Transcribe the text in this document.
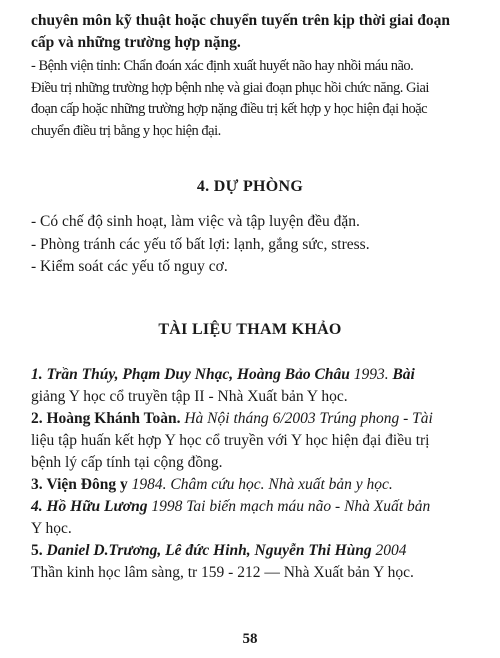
chuyên môn kỹ thuật hoặc chuyển tuyến trên kịp thời giai đoạn

cấp và những trường hợp nặng.

- Bệnh viện tỉnh: Chẩn đoán xác định xuất huyết não hay nhồi máu não.

Điều trị những trường hợp bệnh nhẹ và giai đoạn phục hồi chức năng. Giai

đoạn cấp hoặc những trường hợp nặng điều trị kết hợp y học hiện đại hoặc

chuyển điều trị bằng y học hiện đại.

4. DỰ PHÒNG

- Có chế độ sinh hoạt, làm việc và tập luyện đều đặn.

- Phòng tránh các yếu tố bất lợi: lạnh, gắng sức, stress.

- Kiểm soát các yếu tố nguy cơ.

TÀI LIỆU THAM KHẢO

1. Trần Thúy, Phạm Duy Nhạc, Hoàng Bảo Châu 1993. Bài

giảng Y học cổ truyền tập II - Nhà Xuất bản Y học.

2. Hoàng Khánh Toàn. Hà Nội tháng 6/2003 Trúng phong - Tài

liệu tập huấn kết hợp Y học cổ truyền với Y học hiện đại điều trị

bệnh lý cấp tính tại cộng đồng.

3. Viện Đông y 1984. Châm cứu học. Nhà xuất bản y học.

4. Hồ Hữu Lương 1998 Tai biến mạch máu não - Nhà Xuất bản

Y học.

5. Daniel D.Trương, Lê đức Hinh, Nguyễn Thi Hùng 2004

Thần kinh học lâm sàng, tr 159 - 212 — Nhà Xuất bản Y học.

58
